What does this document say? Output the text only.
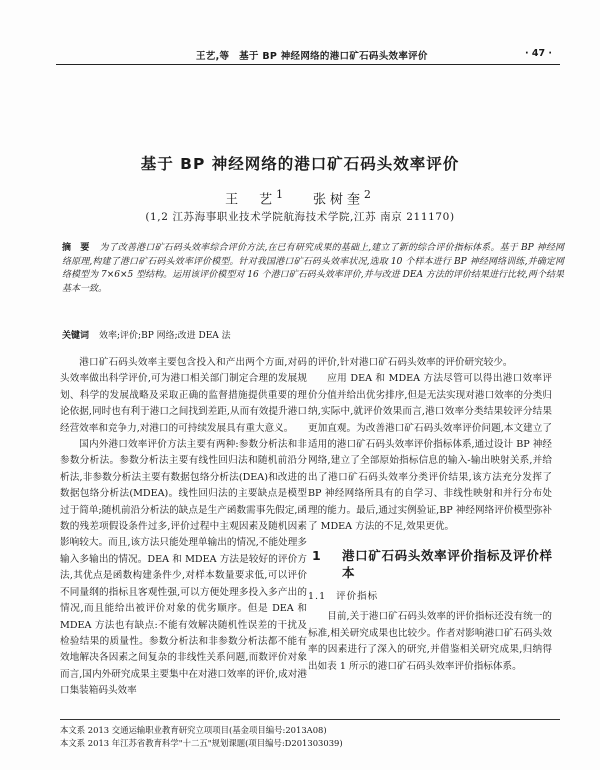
王艺,等　基于 BP 神经网络的港口矿石码头效率评价	· 47 ·
基于 BP 神经网络的港口矿石码头效率评价
王　艺$^1$ 张树奎$^2$
(1,2 江苏海事职业技术学院航海技术学院,江苏 南京 211170)
摘　要 为了改善港口矿石码头效率综合评价方法,在已有研究成果的基础上,建立了新的综合评价指标体系。基于 BP 神经网络原理,构建了港口矿石码头效率评价模型。针对我国港口矿石码头效率状况,选取 10 个样本进行 BP 神经网络训练,并确定网络模型为 7×6×5 型结构。运用该评价模型对 16 个港口矿石码头效率评价,并与改进 DEA 方法的评价结果进行比较,两个结果基本一致。
关键词 效率;评价;BP 网络;改进 DEA 法

港口矿石码头效率主要包含投入和产出两个方面,对码头效率做出科学评价,可为港口相关部门制定合理的发展规划、科学的发展战略及采取正确的监督措施提供重要的理论依据,同时也有利于港口之间找到差距,从而有效提升港口经营效率和竞争力,对港口的可持续发展具有重大意义。

国内外港口效率评价方法主要有两种:参数分析法和非参数分析法。参数分析法主要有线性回归法和随机前沿分析法,非参数分析法主要有数据包络分析法(DEA)和改进的数据包络分析法(MDEA)。线性回归法的主要缺点是模型过于简单;随机前沿分析法的缺点是生产函数需事先假定,函数的残差项假设条件过多,评价过程中主观因素及随机因素影响较大。而且,该方法只能处理单输出的情况,不能处理多输入多输出的情况。DEA 和 MDEA 方法是较好的评价方法,其优点是函数构建条件少,对样本数量要求低,可以评价不同量纲的指标且客观性强,可以方便处理多投入多产出的情况,而且能给出被评价对象的优劣顺序。但是 DEA 和 MDEA 方法也有缺点:不能有效解决随机性误差的干扰及检验结果的质量性。参数分析法和非参数分析法都不能有效地解决各因素之间复杂的非线性关系问题,而数评价对象而言,国内外研究成果主要集中在对港口效率的评价,成对港口集装箱码头效率

的评价,针对港口矿石码头效率的评价研究较少。

应用 DEA 和 MDEA 方法尽管可以得出港口效率评价分值并给出优劣排序,但是无法实现对港口效率的分类归纳,实际中,就评价效果而言,港口效率分类结果较评分结果更加直观。为改善港口矿石码头效率评价问题,本文建立了适用的港口矿石码头效率评价指标体系,通过设计 BP 神经网络,建立了全部原始指标信息的输入-输出映射关系,并给出了港口矿石码头效率分类评价结果,该方法充分发挥了 BP 神经网络所具有的自学习、非线性映射和并行分布处理的能力。最后,通过实例验证,BP 神经网络评价模型弥补了 MDEA 方法的不足,效果更优。

1 港口矿石码头效率评价指标及评价样本
1.1 评价指标

目前,关于港口矿石码头效率的评价指标还没有统一的标准,相关研究成果也比较少。作者对影响港口矿石码头效率的因素进行了深入的研究,并借鉴相关研究成果,归纳得出如表 1 所示的港口矿石码头效率评价指标体系。

本文系 2013 交通运输职业教育研究立项项目(基金项目编号:2013A08)
本文系 2013 年江苏省教育科学"十二五"规划课题(项目编号:D201303039)
